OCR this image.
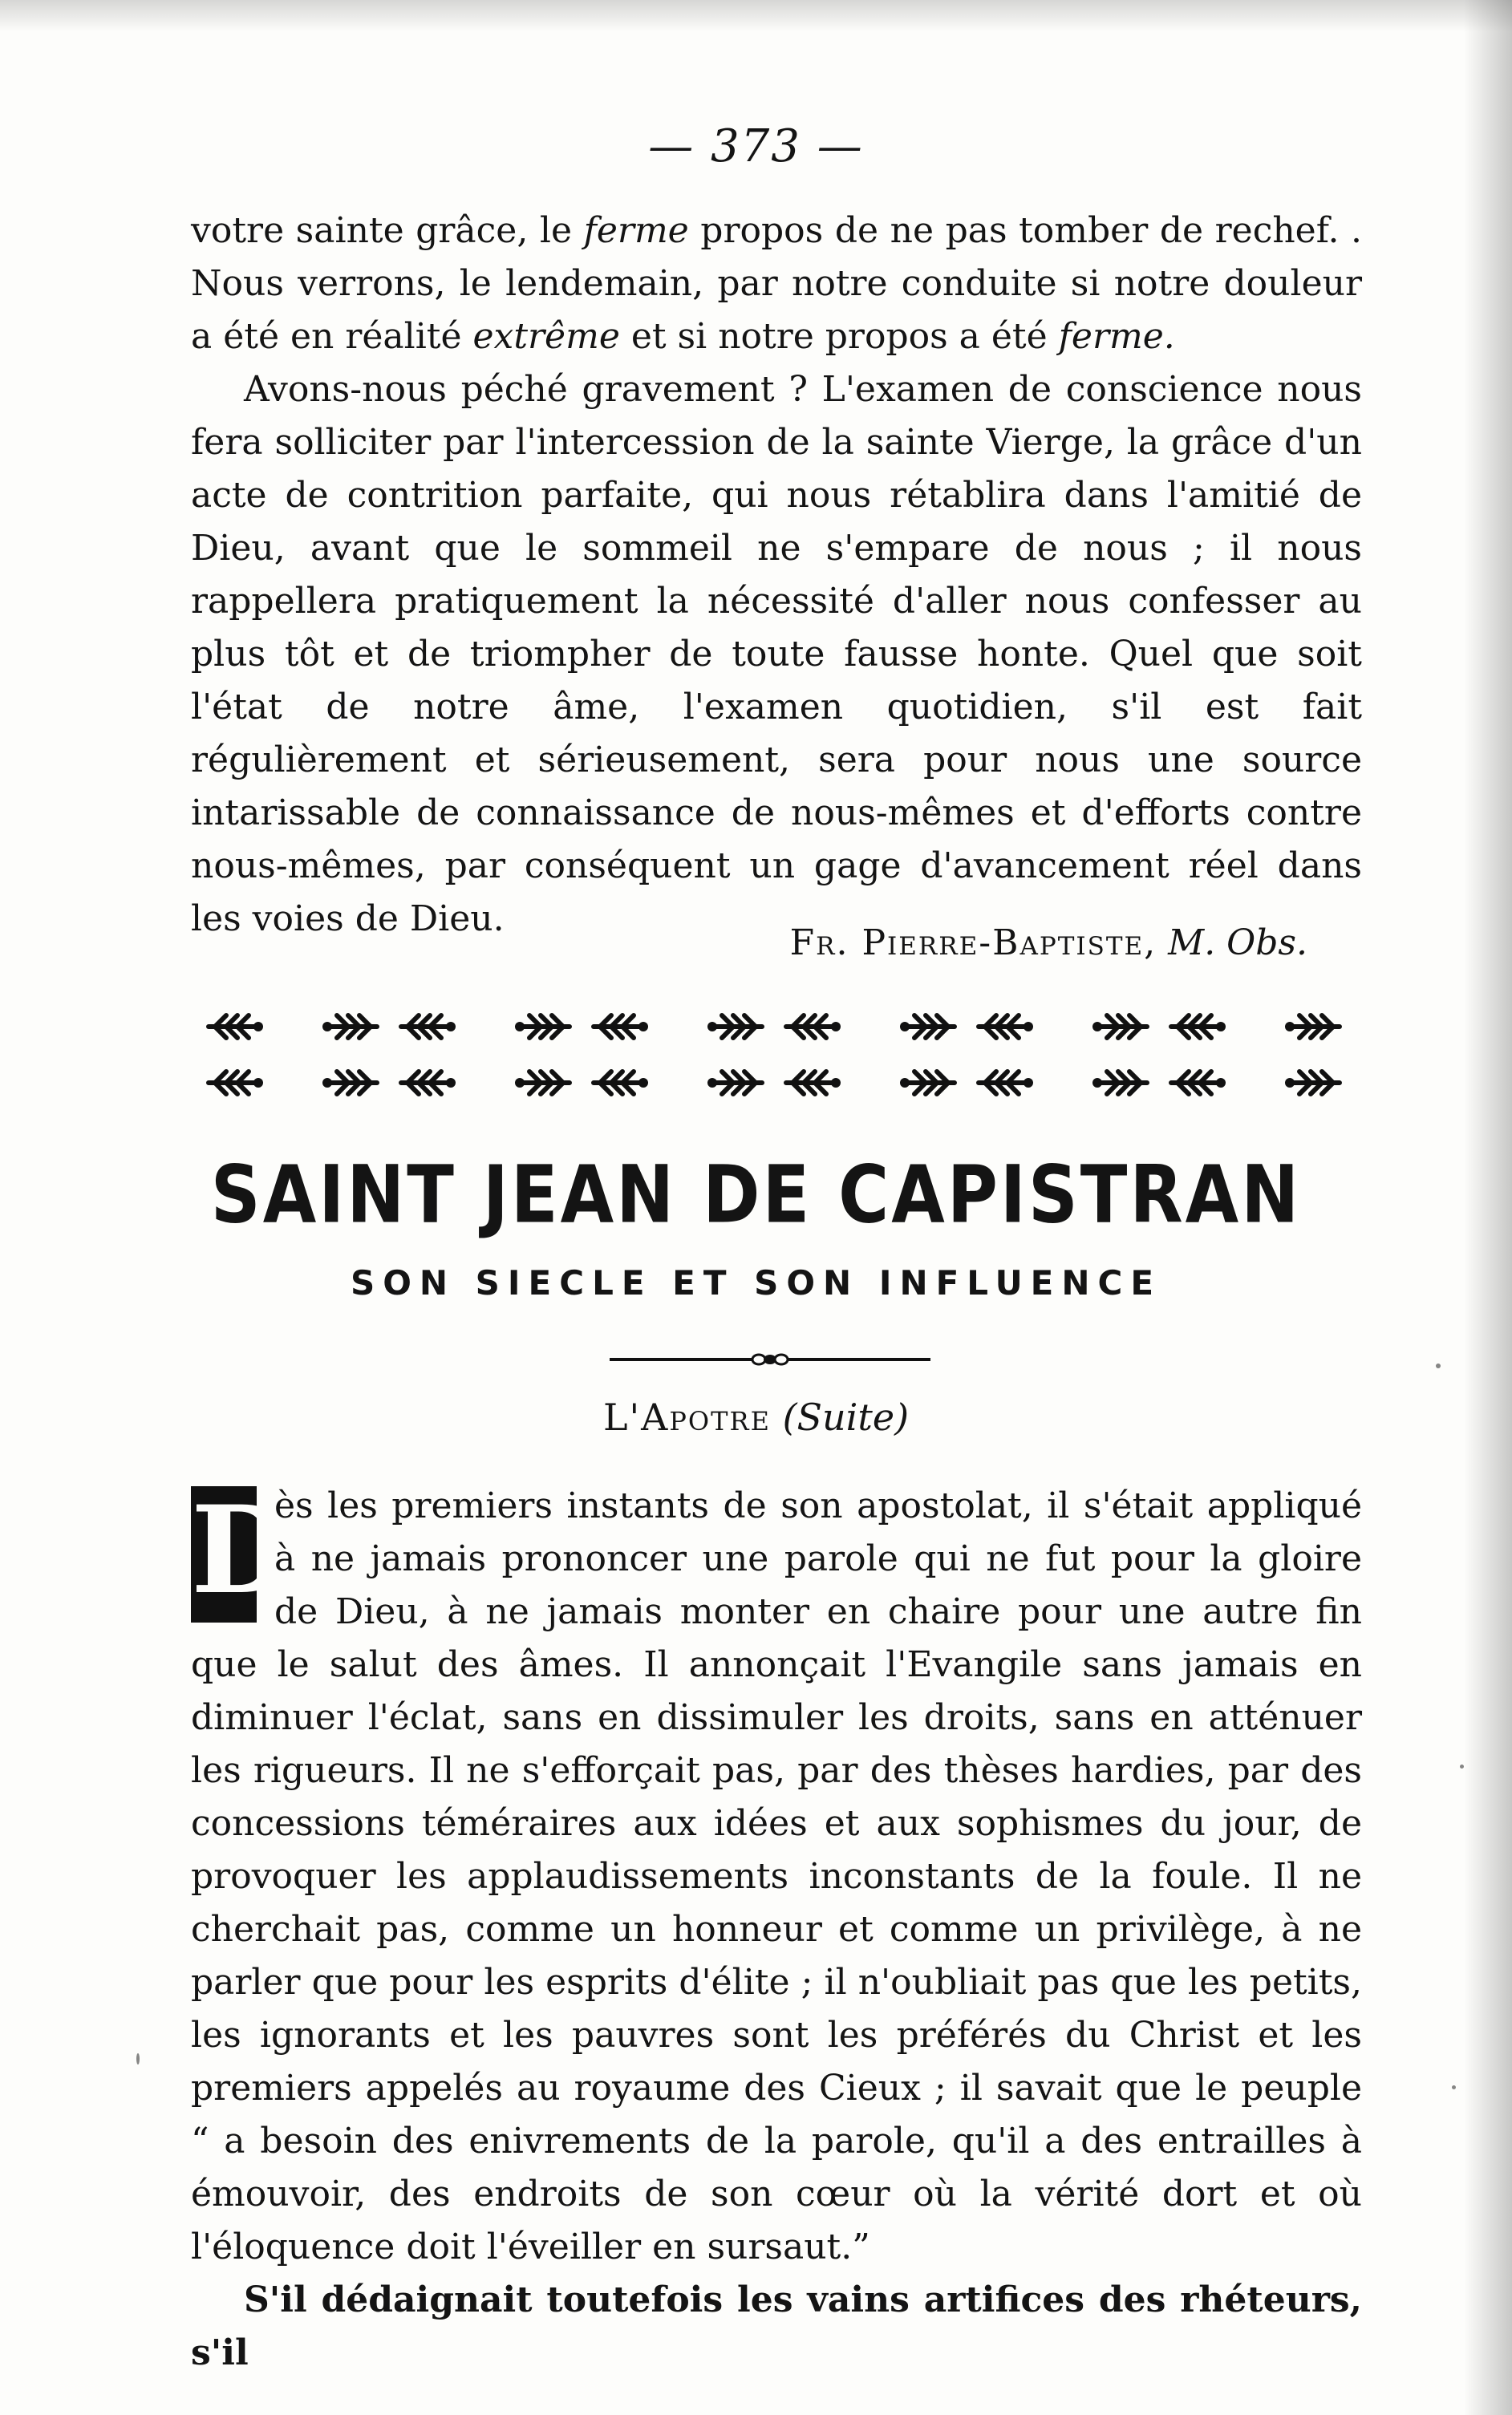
— 373 —

votre sainte grâce, le ferme propos de ne pas tomber de rechef. . Nous verrons, le lendemain, par notre conduite si notre douleur a été en réalité extrême et si notre propos a été ferme.

Avons-nous péché gravement ? L'examen de conscience nous fera solliciter par l'intercession de la sainte Vierge, la grâce d'un acte de contrition parfaite, qui nous rétablira dans l'amitié de Dieu, avant que le sommeil ne s'empare de nous ; il nous rappellera pratiquement la nécessité d'aller nous confesser au plus tôt et de triompher de toute fausse honte. Quel que soit l'état de notre âme, l'examen quotidien, s'il est fait régulièrement et sérieusement, sera pour nous une source intarissable de connaissance de nous-mêmes et d'efforts contre nous-mêmes, par conséquent un gage d'avancement réel dans les voies de Dieu.

Fr. Pierre-Baptiste, M. Obs.
SAINT JEAN DE CAPISTRAN
SON SIECLE ET SON INFLUENCE
L'Apotre (Suite)

D
ès les premiers instants de son apostolat, il s'était appliqué à ne jamais prononcer une parole qui ne fut pour la gloire de Dieu, à ne jamais monter en chaire pour une autre fin que le salut des âmes. Il annonçait l'Evangile sans jamais en diminuer l'éclat, sans en dissimuler les droits, sans en atténuer les rigueurs. Il ne s'efforçait pas, par des thèses hardies, par des concessions téméraires aux idées et aux sophismes du jour, de provoquer les applaudissements inconstants de la foule. Il ne cherchait pas, comme un honneur et comme un privilège, à ne parler que pour les esprits d'élite ; il n'oubliait pas que les petits, les ignorants et les pauvres sont les préférés du Christ et les premiers appelés au royaume des Cieux ; il savait que le peuple “ a besoin des enivrements de la parole, qu'il a des entrailles à émouvoir, des endroits de son cœur où la vérité dort et où l'éloquence doit l'éveiller en sursaut.”

S'il dédaignait toutefois les vains artifices des rhéteurs, s'il
